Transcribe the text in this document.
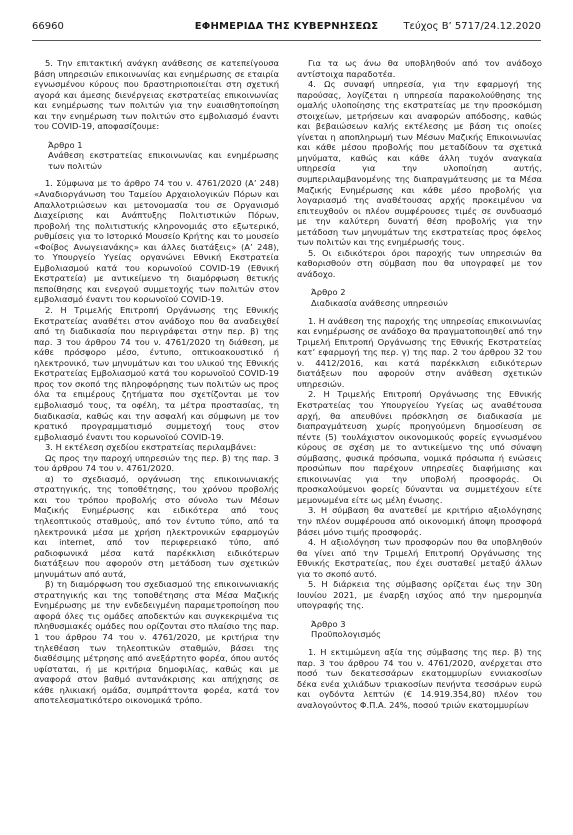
66960	ΕΦΗΜΕΡΙΔΑ ΤΗΣ ΚΥΒΕΡΝΗΣΕΩΣ	Τεύχος Β’ 5717/24.12.2020

5. Την επιτακτική ανάγκη ανάθεσης σε κατεπείγουσα βάση υπηρεσιών επικοινωνίας και ενημέρωσης σε εταιρία εγνωσμένου κύρους που δραστηριοποιείται στη σχετική αγορά και άμεσης διενέργειας εκστρατείας επικοινωνίας και ενημέρωσης των πολιτών για την ευαισθητοποίηση και την ενημέρωση των πολιτών στο εμβολιασμό έναντι του COVID-19, αποφασίζουμε:

Άρθρο 1
Ανάθεση εκστρατείας επικοινωνίας και ενημέρωσης των πολιτών

1. Σύμφωνα με το άρθρο 74 του ν. 4761/2020 (Α’ 248) «Αναδιοργάνωση του Ταμείου Αρχαιολογικών Πόρων και Απαλλοτριώσεων και μετονομασία του σε Οργανισμό Διαχείρισης και Ανάπτυξης Πολιτιστικών Πόρων, προβολή της πολιτιστικής κληρονομιάς στο εξωτερικό, ρυθμίσεις για το Ιστορικό Μουσείο Κρήτης και το μουσείο «Φοίβος Ανωγειανάκης» και άλλες διατάξεις» (Α’ 248), το Υπουργείο Υγείας οργανώνει Εθνική Εκστρατεία Εμβολιασμού κατά του κορωνοϊού COVID-19 (Εθνική Εκστρατεία) με αντικείμενο τη διαμόρφωση θετικής πεποίθησης και ενεργού συμμετοχής των πολιτών στον εμβολιασμό έναντι του κορωνοϊού COVID-19.

2. Η Τριμελής Επιτροπή Οργάνωσης της Εθνικής Εκστρατείας αναθέτει στον ανάδοχο που θα αναδειχθεί από τη διαδικασία που περιγράφεται στην περ. β) της παρ. 3 του άρθρου 74 του ν. 4761/2020 τη διάθεση, με κάθε πρόσφορο μέσο, έντυπο, οπτικοακουστικό ή ηλεκτρονικό, των μηνυμάτων και του υλικού της Εθνικής Εκστρατείας Εμβολιασμού κατά του κορωνοϊού COVID-19 προς τον σκοπό της πληροφόρησης των πολιτών ως προς όλα τα επιμέρους ζητήματα που σχετίζονται με τον εμβολιασμό τους, τα οφέλη, τα μέτρα προστασίας, τη διαδικασία, καθώς και την ασφαλή και σύμφωνη με τον κρατικό προγραμματισμό συμμετοχή τους στον εμβολιασμό έναντι του κορωνοϊού COVID-19.

3. Η εκτέλεση σχεδίου εκστρατείας περιλαμβάνει:

Ως προς την παροχή υπηρεσιών της περ. β) της παρ. 3 του άρθρου 74 του ν. 4761/2020.

α) το σχεδιασμό, οργάνωση της επικοινωνιακής στρατηγικής, της τοποθέτησης, του χρόνου προβολής και του τρόπου προβολής στο σύνολο των Μέσων Μαζικής Ενημέρωσης και ειδικότερα από τους τηλεοπτικούς σταθμούς, από τον έντυπο τύπο, από τα ηλεκτρονικά μέσα με χρήση ηλεκτρονικών εφαρμογών και internet, από τον περιφερειακό τύπο, από ραδιοφωνικά μέσα κατά παρέκκλιση ειδικότερων διατάξεων που αφορούν στη μετάδοση των σχετικών μηνυμάτων από αυτά,

β) τη διαμόρφωση του σχεδιασμού της επικοινωνιακής στρατηγικής και της τοποθέτησης στα Μέσα Μαζικής Ενημέρωσης με την ενδεδειγμένη παραμετροποίηση που αφορά όλες τις ομάδες αποδεκτών και συγκεκριμένα τις πληθυσμιακές ομάδες που ορίζονται στο πλαίσιο της παρ. 1 του άρθρου 74 του ν. 4761/2020, με κριτήρια την τηλεθέαση των τηλεοπτικών σταθμών, βάσει της διαθέσιμης μέτρησης από ανεξάρτητο φορέα, όπου αυτός υφίσταται, ή με κριτήρια δημοφιλίας, καθώς και με αναφορά στον βαθμό αντανάκρισης και απήχησης σε κάθε ηλικιακή ομάδα, συμπράττοντα φορέα, κατά τον αποτελεσματικότερο οικονομικά τρόπο.

Για τα ως άνω θα υποβληθούν από τον ανάδοχο αντίστοιχα παραδοτέα.

4. Ως συναφή υπηρεσία, για την εφαρμογή της παρούσας, λογίζεται η υπηρεσία παρακολούθησης της ομαλής υλοποίησης της εκστρατείας με την προσκόμιση στοιχείων, μετρήσεων και αναφορών απόδοσης, καθώς και βεβαιώσεων καλής εκτέλεσης με βάση τις οποίες γίνεται η αποπληρωμή των Μέσων Μαζικής Επικοινωνίας και κάθε μέσου προβολής που μεταδίδουν τα σχετικά μηνύματα, καθώς και κάθε άλλη τυχόν αναγκαία υπηρεσία για την υλοποίηση αυτής, συμπεριλαμβανομένης της διαπραγμάτευσης με τα Μέσα Μαζικής Ενημέρωσης και κάθε μέσο προβολής για λογαριασμό της αναθέτουσας αρχής προκειμένου να επιτευχθούν οι πλέον συμφέρουσες τιμές σε συνδυασμό με την καλύτερη δυνατή θέση προβολής για την μετάδοση των μηνυμάτων της εκστρατείας προς όφελος των πολιτών και της ενημέρωσής τους.

5. Οι ειδικότεροι όροι παροχής των υπηρεσιών θα καθορισθούν στη σύμβαση που θα υπογραφεί με τον ανάδοχο.

Άρθρο 2
Διαδικασία ανάθεσης υπηρεσιών

1. Η ανάθεση της παροχής της υπηρεσίας επικοινωνίας και ενημέρωσης σε ανάδοχο θα πραγματοποιηθεί από την Τριμελή Επιτροπή Οργάνωσης της Εθνικής Εκστρατείας κατ’ εφαρμογή της περ. γ) της παρ. 2 του άρθρου 32 του ν. 4412/2016, και κατά παρέκκλιση ειδικότερων διατάξεων που αφορούν στην ανάθεση σχετικών υπηρεσιών.

2. Η Τριμελής Επιτροπή Οργάνωσης της Εθνικής Εκστρατείας του Υπουργείου Υγείας ως αναθέτουσα αρχή, θα απευθύνει πρόσκληση σε διαδικασία με διαπραγμάτευση χωρίς προηγούμενη δημοσίευση σε πέντε (5) τουλάχιστον οικονομικούς φορείς εγνωσμένου κύρους σε σχέση με το αντικείμενο της υπό σύναψη σύμβασης, φυσικά πρόσωπα, νομικά πρόσωπα ή ενώσεις προσώπων που παρέχουν υπηρεσίες διαφήμισης και επικοινωνίας για την υποβολή προσφοράς. Οι προσκαλούμενοι φορείς δύνανται να συμμετέχουν είτε μεμονωμένα είτε ως μέλη ένωσης.

3. Η σύμβαση θα ανατεθεί με κριτήριο αξιολόγησης την πλέον συμφέρουσα από οικονομική άποψη προσφορά βάσει μόνο τιμής προσφοράς.

4. Η αξιολόγηση των προσφορών που θα υποβληθούν θα γίνει από την Τριμελή Επιτροπή Οργάνωσης της Εθνικής Εκστρατείας, που έχει συσταθεί μεταξύ άλλων για το σκοπό αυτό.

5. Η διάρκεια της σύμβασης ορίζεται έως την 30η Ιουνίου 2021, με έναρξη ισχύος από την ημερομηνία υπογραφής της.

Άρθρο 3
Προϋπολογισμός

1. Η εκτιμώμενη αξία της σύμβασης της περ. β) της παρ. 3 του άρθρου 74 του ν. 4761/2020, ανέρχεται στο ποσό των δεκατεσσάρων εκατομμυρίων εννιακοσίων δέκα ενέα χιλιάδων τριακοσίων πενήντα τεσσάρων ευρώ και ογδόντα λεπτών (€ 14.919.354,80) πλέον του αναλογούντος Φ.Π.Α. 24%, ποσού τριών εκατομμυρίων
